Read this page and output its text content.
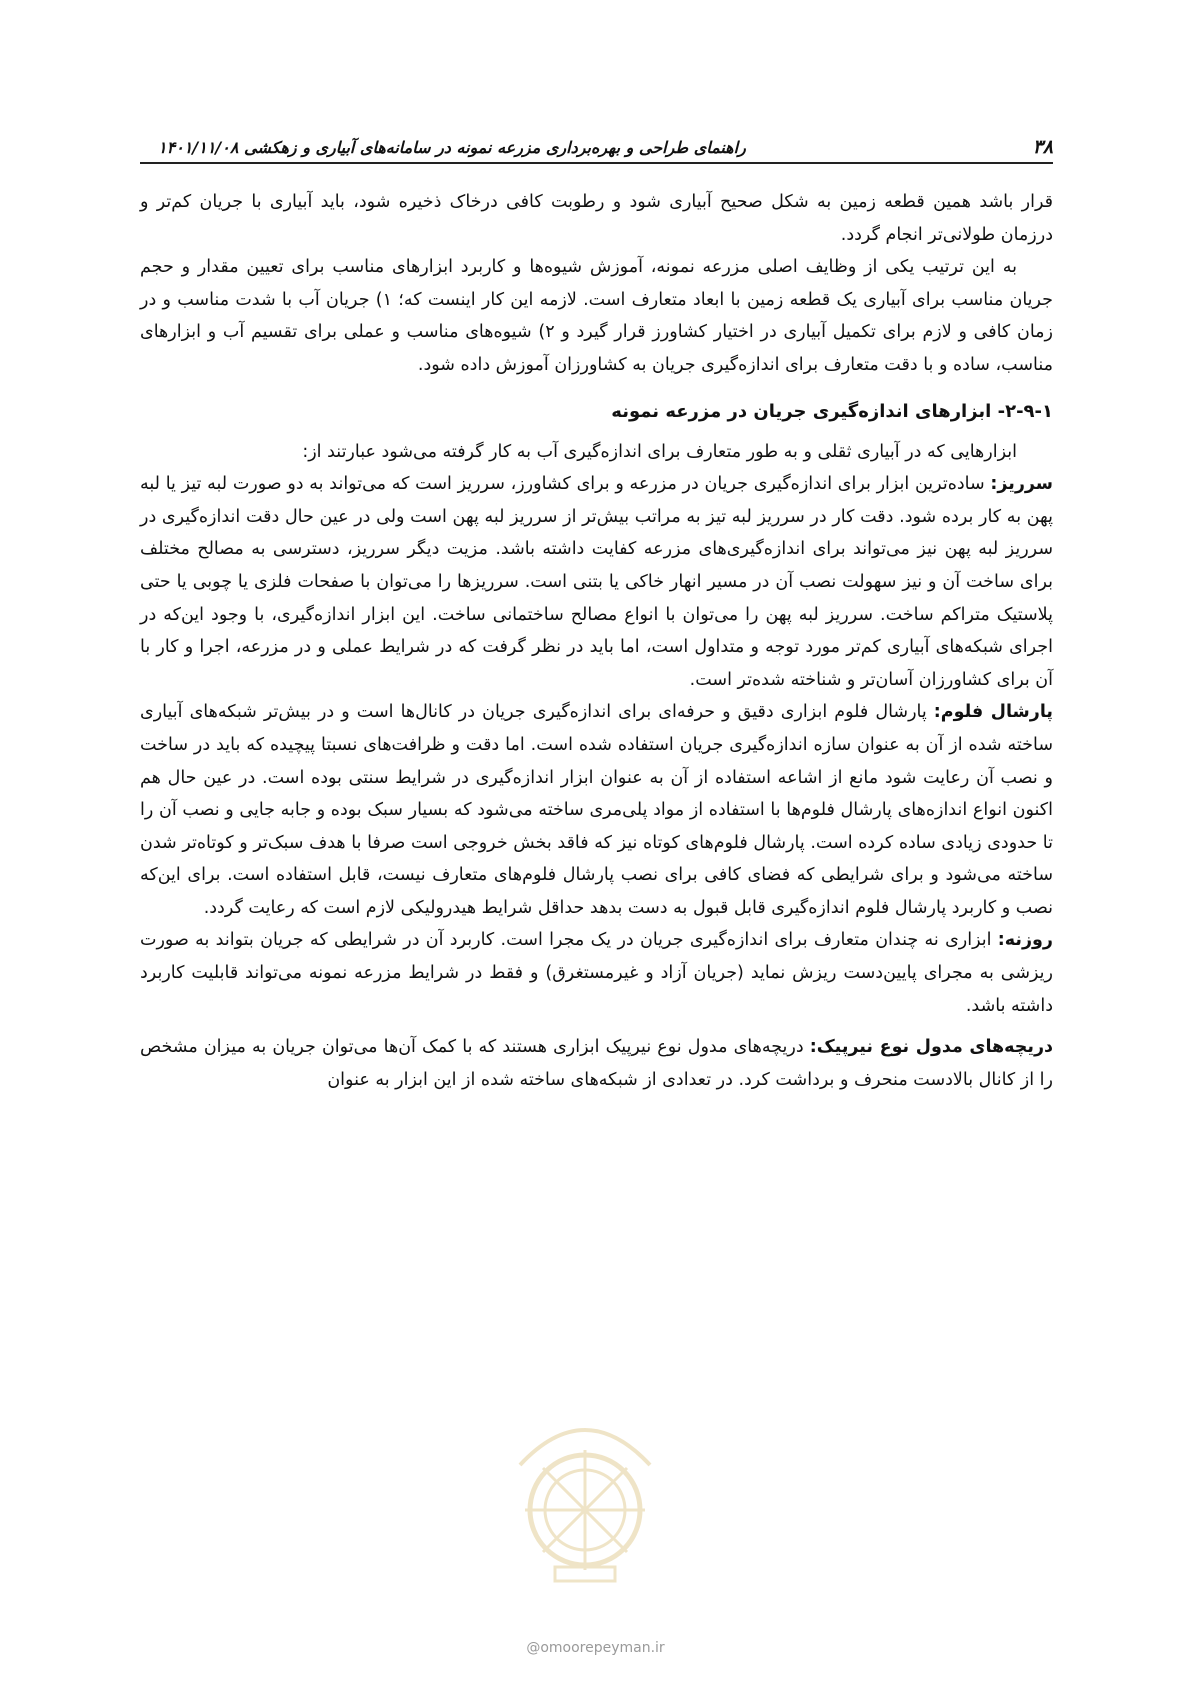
۳۸
راهنمای طراحی و بهره‌برداری مزرعه نمونه در سامانه‌های آبیاری و زهکشی ۱۴۰۱/۱۱/۰۸

قرار باشد همین قطعه زمین به شکل صحیح آبیاری شود و رطوبت کافی درخاک ذخیره شود، باید آبیاری با جریان کم‌تر و درزمان طولانی‌تر انجام گردد.

به این ترتیب یکی از وظایف اصلی مزرعه نمونه، آموزش شیوه‌ها و کاربرد ابزارهای مناسب برای تعیین مقدار و حجم جریان مناسب برای آبیاری یک قطعه زمین با ابعاد متعارف است. لازمه این کار اینست که؛ ۱) جریان آب با شدت مناسب و در زمان کافی و لازم برای تکمیل آبیاری در اختیار کشاورز قرار گیرد و ۲) شیوه‌های مناسب و عملی برای تقسیم آب و ابزارهای مناسب، ساده و با دقت متعارف برای اندازه‌گیری جریان به کشاورزان آموزش داده شود.

۲-۹-۱- ابزارهای اندازه‌گیری جریان در مزرعه نمونه

ابزارهایی که در آبیاری ثقلی و به طور متعارف برای اندازه‌گیری آب به کار گرفته می‌شود عبارتند از:

سرریز: ساده‌ترین ابزار برای اندازه‌گیری جریان در مزرعه و برای کشاورز، سرریز است که می‌تواند به دو صورت لبه تیز یا لبه پهن به کار برده شود. دقت کار در سرریز لبه تیز به مراتب بیش‌تر از سرریز لبه پهن است ولی در عین حال دقت اندازه‌گیری در سرریز لبه پهن نیز می‌تواند برای اندازه‌گیری‌های مزرعه کفایت داشته باشد. مزیت دیگر سرریز، دسترسی به مصالح مختلف برای ساخت آن و نیز سهولت نصب آن در مسیر انهار خاکی یا بتنی است. سرریزها را می‌توان با صفحات فلزی یا چوبی یا حتی پلاستیک متراکم ساخت. سرریز لبه پهن را می‌توان با انواع مصالح ساختمانی ساخت. این ابزار اندازه‌گیری، با وجود این‌که در اجرای شبکه‌های آبیاری کم‌تر مورد توجه و متداول است، اما باید در نظر گرفت که در شرایط عملی و در مزرعه، اجرا و کار با آن برای کشاورزان آسان‌تر و شناخته شده‌تر است.

پارشال فلوم: پارشال فلوم ابزاری دقیق و حرفه‌ای برای اندازه‌گیری جریان در کانال‌ها است و در بیش‌تر شبکه‌های آبیاری ساخته شده از آن به عنوان سازه اندازه‌گیری جریان استفاده شده است. اما دقت و ظرافت‌های نسبتا پیچیده که باید در ساخت و نصب آن رعایت شود مانع از اشاعه استفاده از آن به عنوان ابزار اندازه‌گیری در شرایط سنتی بوده است. در عین حال هم اکنون انواع اندازه‌های پارشال فلوم‌ها با استفاده از مواد پلی‌مری ساخته می‌شود که بسیار سبک بوده و جابه جایی و نصب آن را تا حدودی زیادی ساده کرده است. پارشال فلوم‌های کوتاه نیز که فاقد بخش خروجی است صرفا با هدف سبک‌تر و کوتاه‌تر شدن ساخته می‌شود و برای شرایطی که فضای کافی برای نصب پارشال فلوم‌های متعارف نیست، قابل استفاده است. برای این‌که نصب و کاربرد پارشال فلوم اندازه‌گیری قابل قبول به دست بدهد حداقل شرایط هیدرولیکی لازم است که رعایت گردد.

روزنه: ابزاری نه چندان متعارف برای اندازه‌گیری جریان در یک مجرا است. کاربرد آن در شرایطی که جریان بتواند به صورت ریزشی به مجرای پایین‌دست ریزش نماید (جریان آزاد و غیرمستغرق) و فقط در شرایط مزرعه نمونه می‌تواند قابلیت کاربرد داشته باشد.

دریچه‌های مدول نوع نیرپیک: دریچه‌های مدول نوع نیرپیک ابزاری هستند که با کمک آن‌ها می‌توان جریان به میزان مشخص را از کانال بالادست منحرف و برداشت کرد. در تعدادی از شبکه‌های ساخته شده از این ابزار به عنوان

@omoorepeyman.ir
